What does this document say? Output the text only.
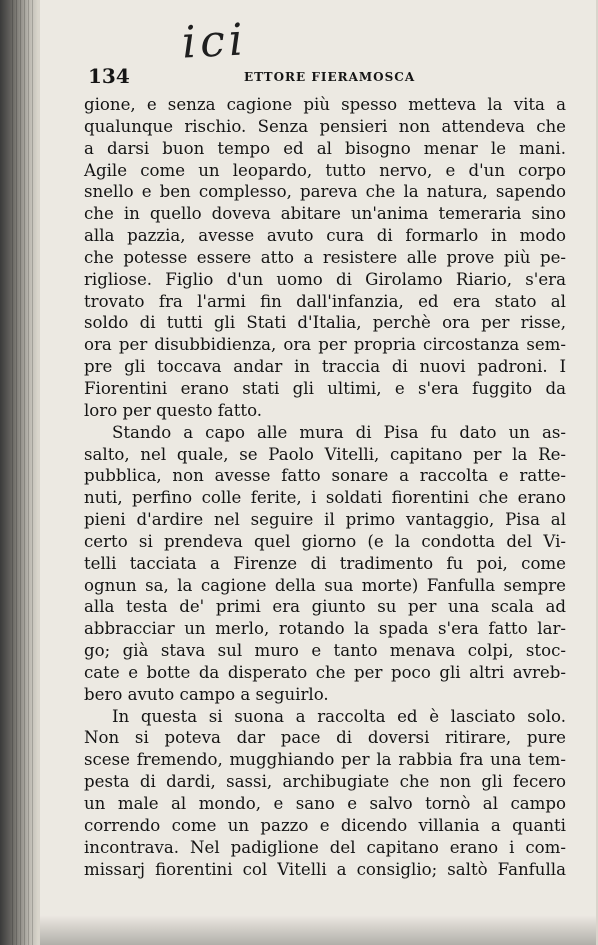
ici
134	ETTORE FIERAMOSCA
gione, e senza cagione più spesso metteva la vita a
qualunque rischio. Senza pensieri non attendeva che
a darsi buon tempo ed al bisogno menar le mani.
Agile come un leopardo, tutto nervo, e d'un corpo
snello e ben complesso, pareva che la natura, sapendo
che in quello doveva abitare un'anima temeraria sino
alla pazzia, avesse avuto cura di formarlo in modo
che potesse essere atto a resistere alle prove più pe-
rigliose. Figlio d'un uomo di Girolamo Riario, s'era
trovato fra l'armi fin dall'infanzia, ed era stato al
soldo di tutti gli Stati d'Italia, perchè ora per risse,
ora per disubbidienza, ora per propria circostanza sem-
pre gli toccava andar in traccia di nuovi padroni. I
Fiorentini erano stati gli ultimi, e s'era fuggito da
loro per questo fatto.
Stando a capo alle mura di Pisa fu dato un as-
salto, nel quale, se Paolo Vitelli, capitano per la Re-
pubblica, non avesse fatto sonare a raccolta e ratte-
nuti, perfino colle ferite, i soldati fiorentini che erano
pieni d'ardire nel seguire il primo vantaggio, Pisa al
certo si prendeva quel giorno (e la condotta del Vi-
telli tacciata a Firenze di tradimento fu poi, come
ognun sa, la cagione della sua morte) Fanfulla sempre
alla testa de' primi era giunto su per una scala ad
abbracciar un merlo, rotando la spada s'era fatto lar-
go; già stava sul muro e tanto menava colpi, stoc-
cate e botte da disperato che per poco gli altri avreb-
bero avuto campo a seguirlo.
In questa si suona a raccolta ed è lasciato solo.
Non si poteva dar pace di doversi ritirare, pure
scese fremendo, mugghiando per la rabbia fra una tem-
pesta di dardi, sassi, archibugiate che non gli fecero
un male al mondo, e sano e salvo tornò al campo
correndo come un pazzo e dicendo villania a quanti
incontrava. Nel padiglione del capitano erano i com-
missarj fiorentini col Vitelli a consiglio; saltò Fanfulla
